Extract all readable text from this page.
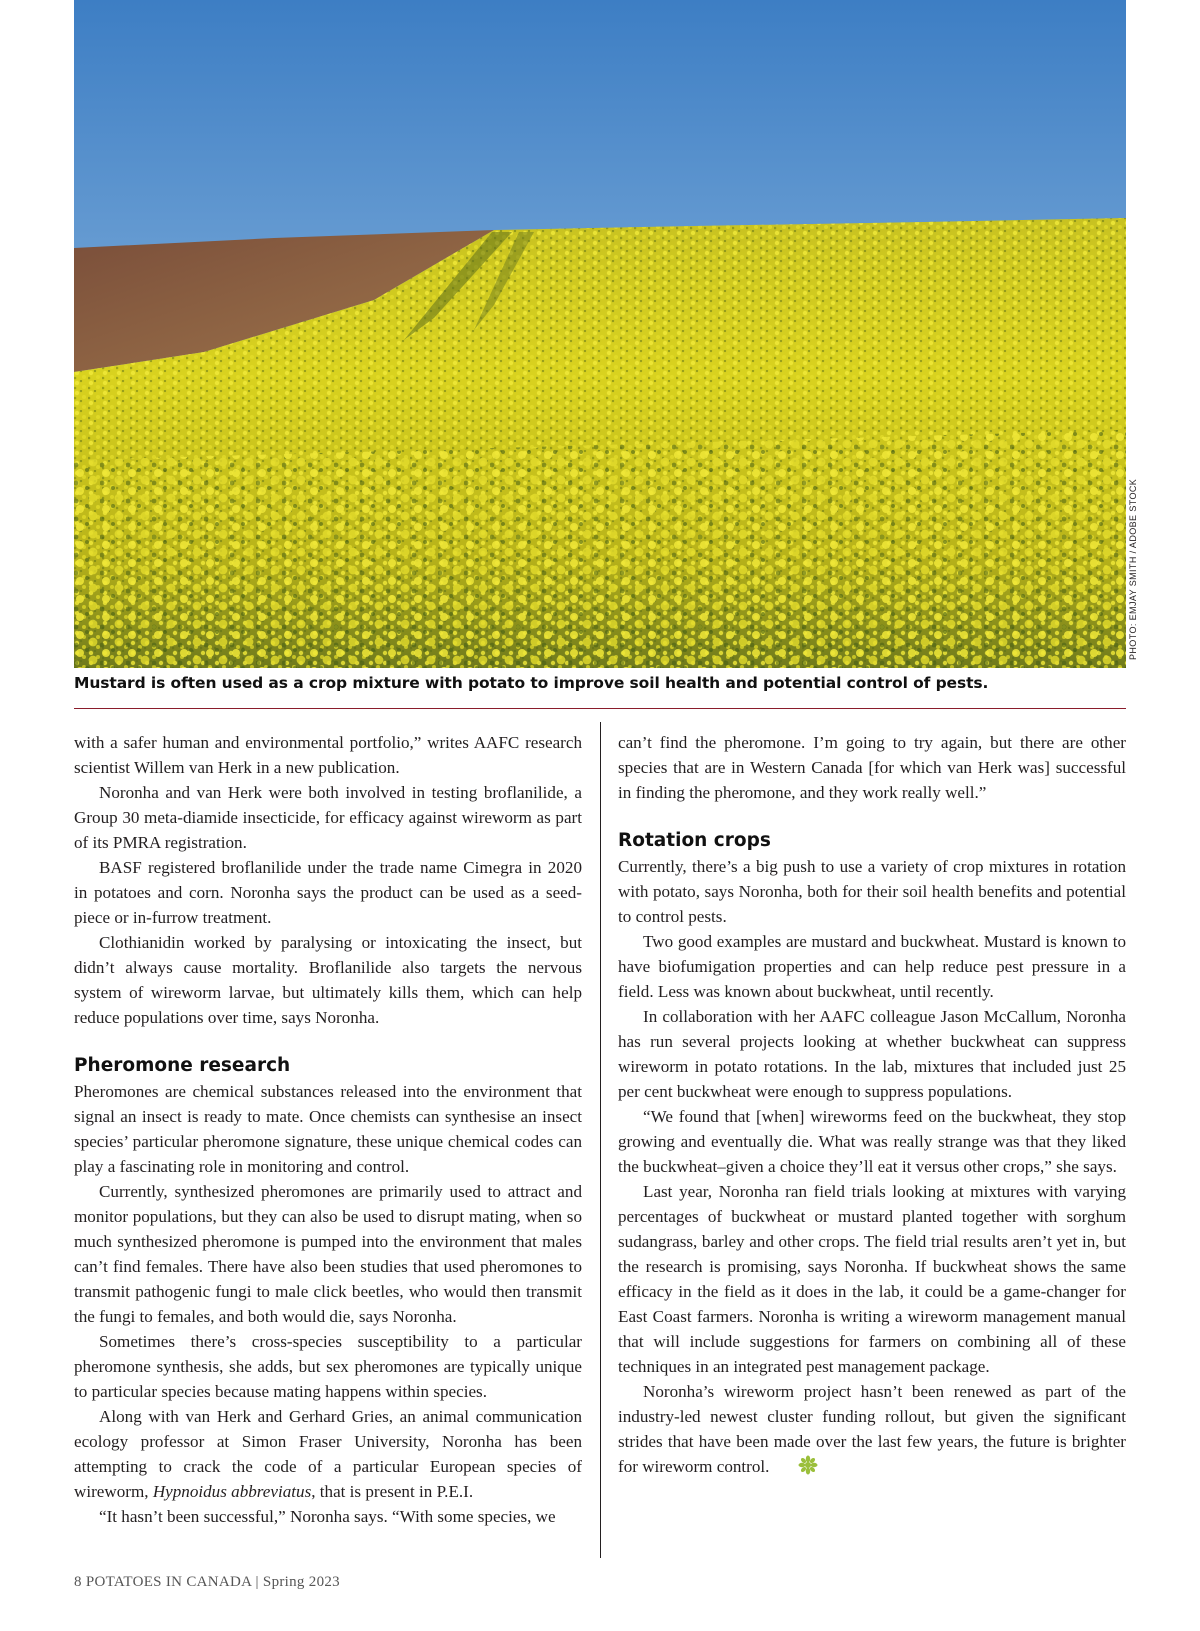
PHOTO: EMJAY SMITH / ADOBE STOCK
Mustard is often used as a crop mixture with potato to improve soil health and potential control of pests.

with a safer human and environmental portfolio,” writes AAFC research scientist Willem van Herk in a new publication.

Noronha and van Herk were both involved in testing broflanilide, a Group 30 meta-diamide insecticide, for efficacy against wireworm as part of its PMRA registration.

BASF registered broflanilide under the trade name Cimegra in 2020 in potatoes and corn. Noronha says the product can be used as a seed-piece or in-furrow treatment.

Clothianidin worked by paralysing or intoxicating the insect, but didn’t always cause mortality. Broflanilide also targets the nervous system of wireworm larvae, but ultimately kills them, which can help reduce populations over time, says Noronha.

Pheromone research

Pheromones are chemical substances released into the environment that signal an insect is ready to mate. Once chemists can synthesise an insect species’ particular pheromone signature, these unique chemical codes can play a fascinating role in monitoring and control.

Currently, synthesized pheromones are primarily used to attract and monitor populations, but they can also be used to disrupt mating, when so much synthesized pheromone is pumped into the environment that males can’t find females. There have also been studies that used pheromones to transmit pathogenic fungi to male click beetles, who would then transmit the fungi to females, and both would die, says Noronha.

Sometimes there’s cross-species susceptibility to a particular pheromone synthesis, she adds, but sex pheromones are typically unique to particular species because mating happens within species.

Along with van Herk and Gerhard Gries, an animal communication ecology professor at Simon Fraser University, Noronha has been attempting to crack the code of a particular European species of wireworm, Hypnoidus abbreviatus, that is present in P.E.I.

“It hasn’t been successful,” Noronha says. “With some species, we

can’t find the pheromone. I’m going to try again, but there are other species that are in Western Canada [for which van Herk was] successful in finding the pheromone, and they work really well.”

Rotation crops

Currently, there’s a big push to use a variety of crop mixtures in rotation with potato, says Noronha, both for their soil health benefits and potential to control pests.

Two good examples are mustard and buckwheat. Mustard is known to have biofumigation properties and can help reduce pest pressure in a field. Less was known about buckwheat, until recently.

In collaboration with her AAFC colleague Jason McCallum, Noronha has run several projects looking at whether buckwheat can suppress wireworm in potato rotations. In the lab, mixtures that included just 25 per cent buckwheat were enough to suppress populations.

“We found that [when] wireworms feed on the buckwheat, they stop growing and eventually die. What was really strange was that they liked the buckwheat–given a choice they’ll eat it versus other crops,” she says.

Last year, Noronha ran field trials looking at mixtures with varying percentages of buckwheat or mustard planted together with sorghum sudangrass, barley and other crops. The field trial results aren’t yet in, but the research is promising, says Noronha. If buckwheat shows the same efficacy in the field as it does in the lab, it could be a game-changer for East Coast farmers. Noronha is writing a wireworm management manual that will include suggestions for farmers on combining all of these techniques in an integrated pest management package.

Noronha’s wireworm project hasn’t been renewed as part of the industry-led newest cluster funding rollout, but given the significant strides that have been made over the last few years, the future is brighter for wireworm control.

8 POTATOES IN CANADA | Spring 2023
